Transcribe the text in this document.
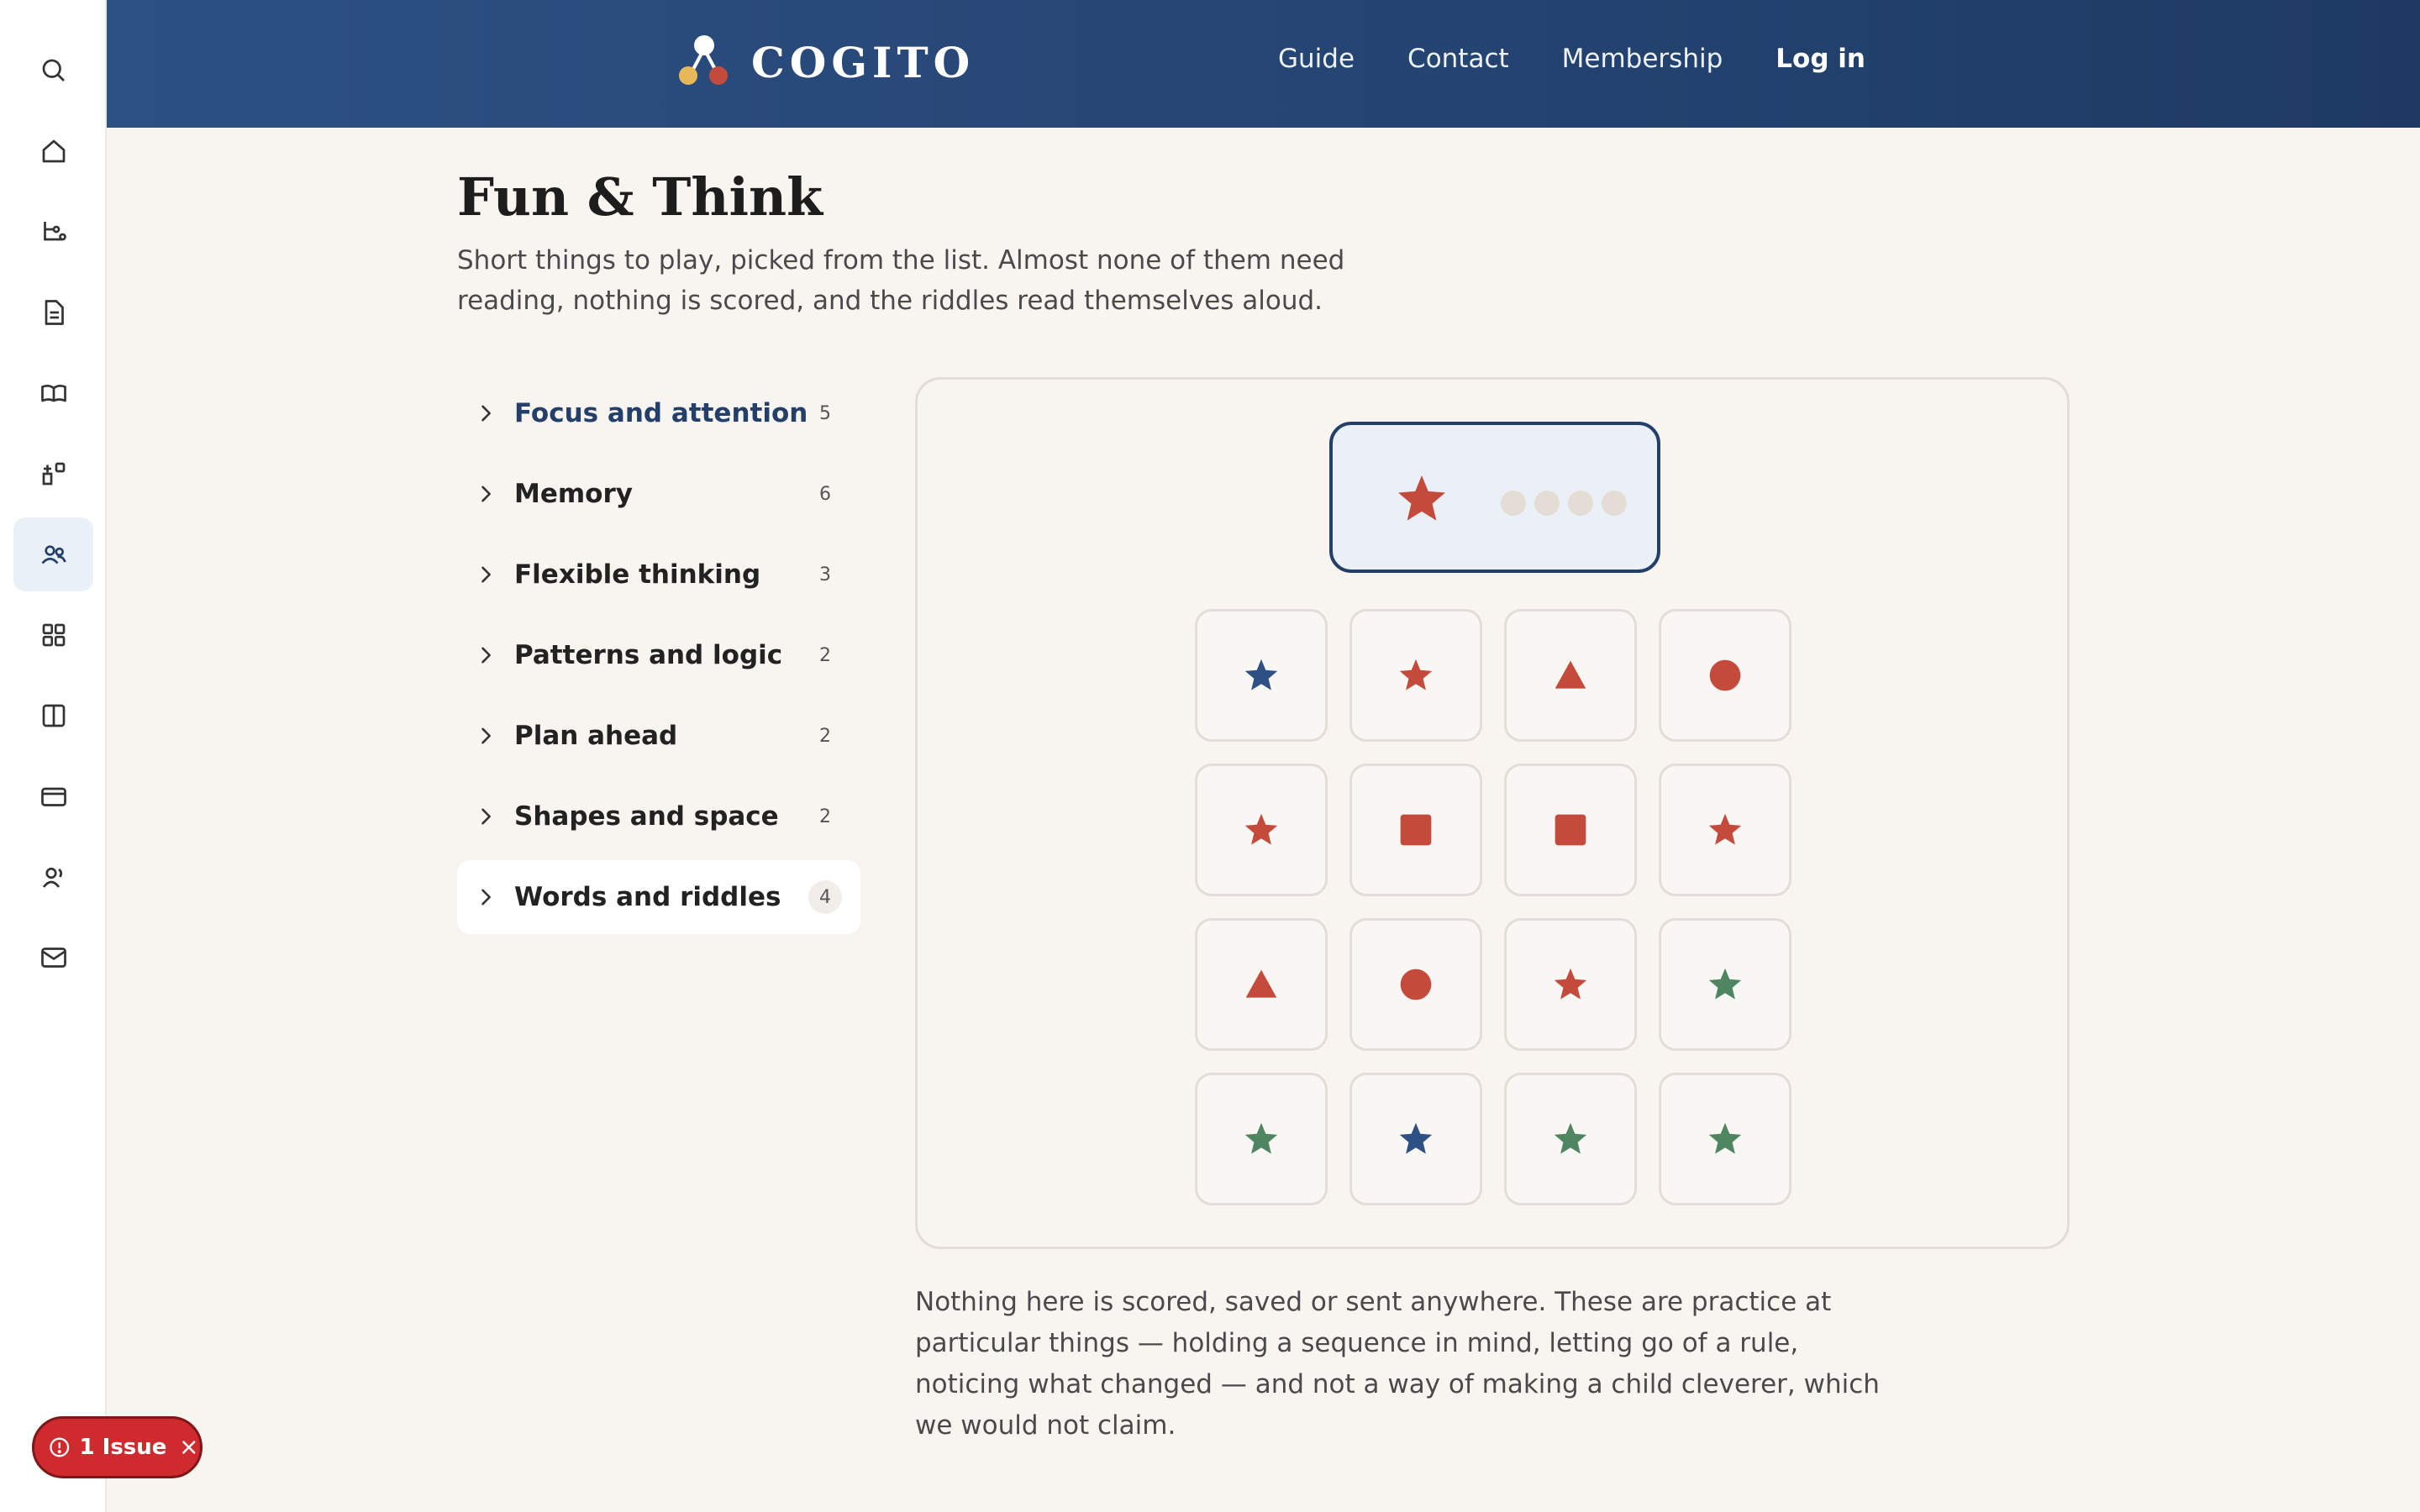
COGITO	Guide Contact Membership Log in
Fun & Think

Short things to play, picked from the list. Almost none of them need reading, nothing is scored, and the riddles read themselves aloud.

Focus and attention 5
Memory	6
Flexible thinking	3
Patterns and logic	2
Plan ahead	2
Shapes and space	2
Words and riddles	4

Nothing here is scored, saved or sent anywhere. These are practice at particular things — holding a sequence in mind, letting go of a rule, noticing what changed — and not a way of making a child cleverer, which we would not claim.

1 Issue
